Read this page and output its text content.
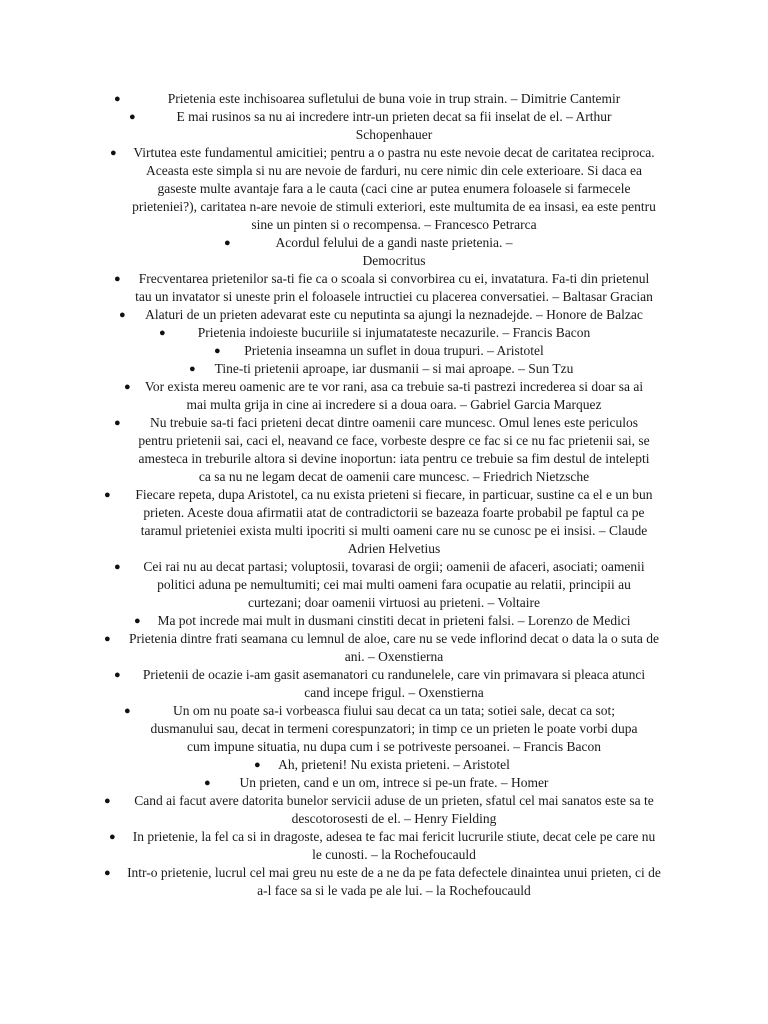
●	Prietenia este inchisoarea sufletului de buna voie in trup strain. – Dimitrie Cantemir
●	E mai rusinos sa nu ai incredere intr-un prieten decat sa fii inselat de el. – Arthur Schopenhauer
●	Virtutea este fundamentul amicitiei; pentru a o pastra nu este nevoie decat de caritatea reciproca. Aceasta este simpla si nu are nevoie de farduri, nu cere nimic din cele exterioare. Si daca ea gaseste multe avantaje fara a le cauta (caci cine ar putea enumera foloasele si farmecele prieteniei?), caritatea n-are nevoie de stimuli exteriori, este multumita de ea insasi, ea este pentru sine un pinten si o recompensa. – Francesco Petrarca
●	Acordul felului de a gandi naste prietenia. – Democritus
●	Frecventarea prietenilor sa-ti fie ca o scoala si convorbirea cu ei, invatatura. Fa-ti din prietenul tau un invatator si uneste prin el foloasele intructiei cu placerea conversatiei. – Baltasar Gracian
●	Alaturi de un prieten adevarat este cu neputinta sa ajungi la neznadejde. – Honore de Balzac
●	Prietenia indoieste bucuriile si injumatateste necazurile. – Francis Bacon
●	Prietenia inseamna un suflet in doua trupuri. – Aristotel
●	Tine-ti prietenii aproape, iar dusmanii – si mai aproape. – Sun Tzu
●	Vor exista mereu oamenic are te vor rani, asa ca trebuie sa-ti pastrezi increderea si doar sa ai mai multa grija in cine ai incredere si a doua oara. – Gabriel Garcia Marquez
●	Nu trebuie sa-ti faci prieteni decat dintre oamenii care muncesc. Omul lenes este periculos pentru prietenii sai, caci el, neavand ce face, vorbeste despre ce fac si ce nu fac prietenii sai, se amesteca in treburile altora si devine inoportun: iata pentru ce trebuie sa fim destul de intelepti ca sa nu ne legam decat de oamenii care muncesc. – Friedrich Nietzsche
●	Fiecare repeta, dupa Aristotel, ca nu exista prieteni si fiecare, in particuar, sustine ca el e un bun prieten. Aceste doua afirmatii atat de contradictorii se bazeaza foarte probabil pe faptul ca pe taramul prieteniei exista multi ipocriti si multi oameni care nu se cunosc pe ei insisi. – Claude Adrien Helvetius
●	Cei rai nu au decat partasi; voluptosii, tovarasi de orgii; oamenii de afaceri, asociati; oamenii politici aduna pe nemultumiti; cei mai multi oameni fara ocupatie au relatii, principii au curtezani; doar oamenii virtuosi au prieteni. – Voltaire
●	Ma pot increde mai mult in dusmani cinstiti decat in prieteni falsi. – Lorenzo de Medici
●	Prietenia dintre frati seamana cu lemnul de aloe, care nu se vede inflorind decat o data la o suta de ani. – Oxenstierna
●	Prietenii de ocazie i-am gasit asemanatori cu randunelele, care vin primavara si pleaca atunci cand incepe frigul. – Oxenstierna
●	Un om nu poate sa-i vorbeasca fiului sau decat ca un tata; sotiei sale, decat ca sot; dusmanului sau, decat in termeni corespunzatori; in timp ce un prieten le poate vorbi dupa cum impune situatia, nu dupa cum i se potriveste persoanei. – Francis Bacon
●	Ah, prieteni! Nu exista prieteni. – Aristotel
●	Un prieten, cand e un om, intrece si pe-un frate. – Homer
●	Cand ai facut avere datorita bunelor servicii aduse de un prieten, sfatul cel mai sanatos este sa te descotorosesti de el. – Henry Fielding
●	In prietenie, la fel ca si in dragoste, adesea te fac mai fericit lucrurile stiute, decat cele pe care nu le cunosti. – la Rochefoucauld
●	Intr-o prietenie, lucrul cel mai greu nu este de a ne da pe fata defectele dinaintea unui prieten, ci de a-l face sa si le vada pe ale lui. – la Rochefoucauld
